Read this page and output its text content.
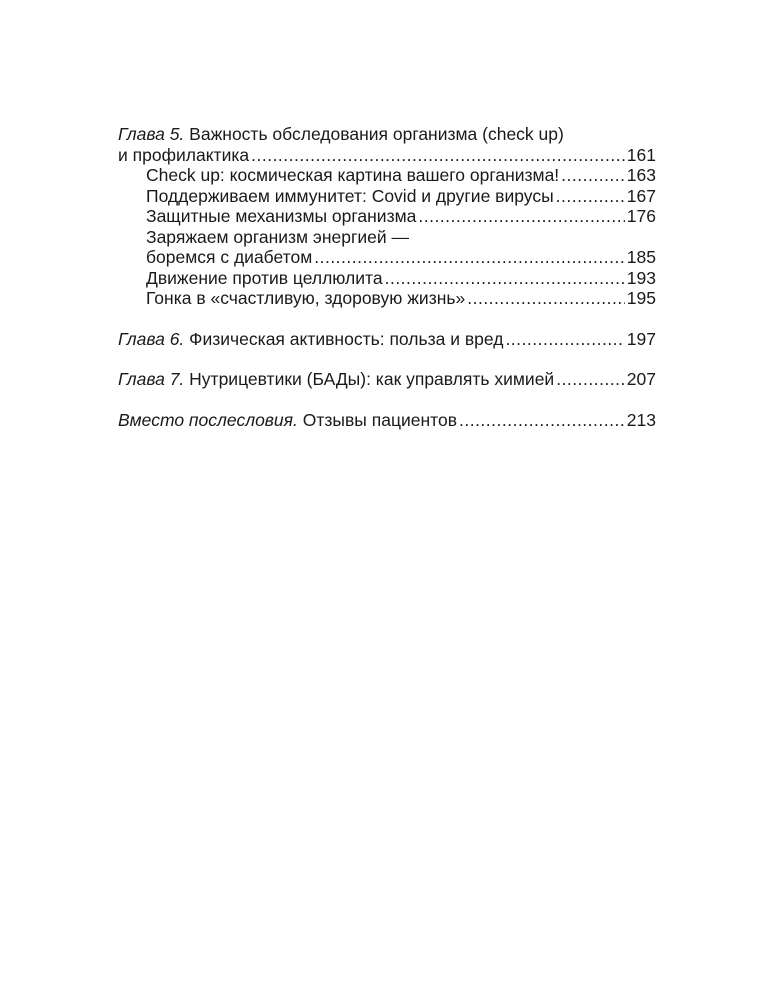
Глава 5.
Важность обследования организма (check up)
и профилактика .....	161
Check up: космическая картина вашего организма! .....	163
Поддерживаем иммунитет: Covid и другие вирусы .....	167
Защитные механизмы организма .....	176
Заряжаем организм энергией —
боремся с диабетом .....	185
Движение против целлюлита .....	193
Гонка в «счастливую, здоровую жизнь» .....	195
Глава 6.
Физическая активность: польза и вред .....	197
Глава 7.
Нутрицевтики (БАДы): как управлять химией .....	207
Вместо послесловия.
Отзывы пациентов .....	213
